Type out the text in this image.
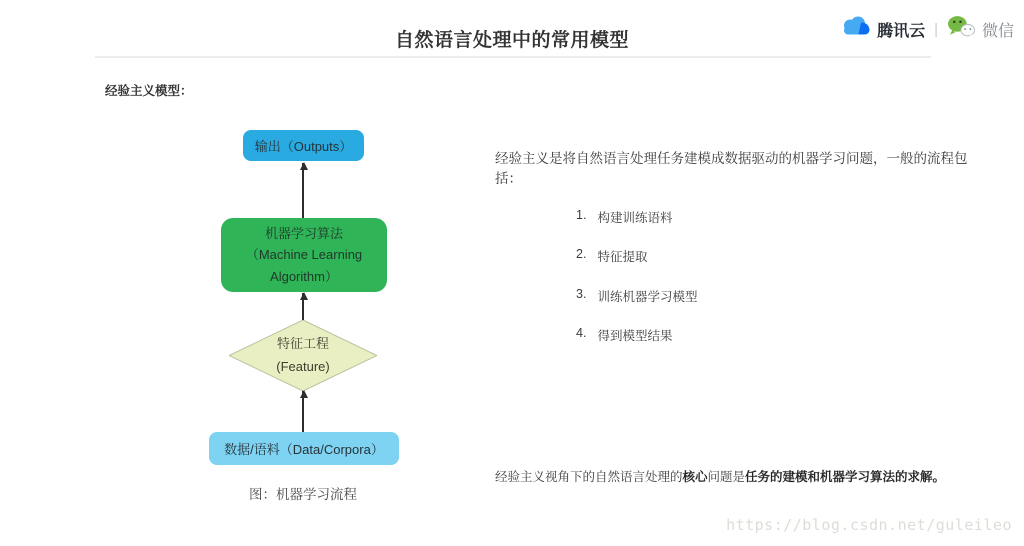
自然语言处理中的常用模型	腾讯云 |	微信
经验主义模型：
输出（Outputs）
机器学习算法
（Machine Learning Algorithm）
特征工程
(Feature)
数据/语料（Data/Corpora）
图：机器学习流程
经验主义是将自然语言处理任务建模成数据驱动的机器学习问题，一般的流程包括：
1. 构建训练语料
2. 特征提取
3. 训练机器学习模型
4. 得到模型结果
经验主义视角下的自然语言处理的核心问题是任务的建模和机器学习算法的求解。
https://blog.csdn.net/guleileo
